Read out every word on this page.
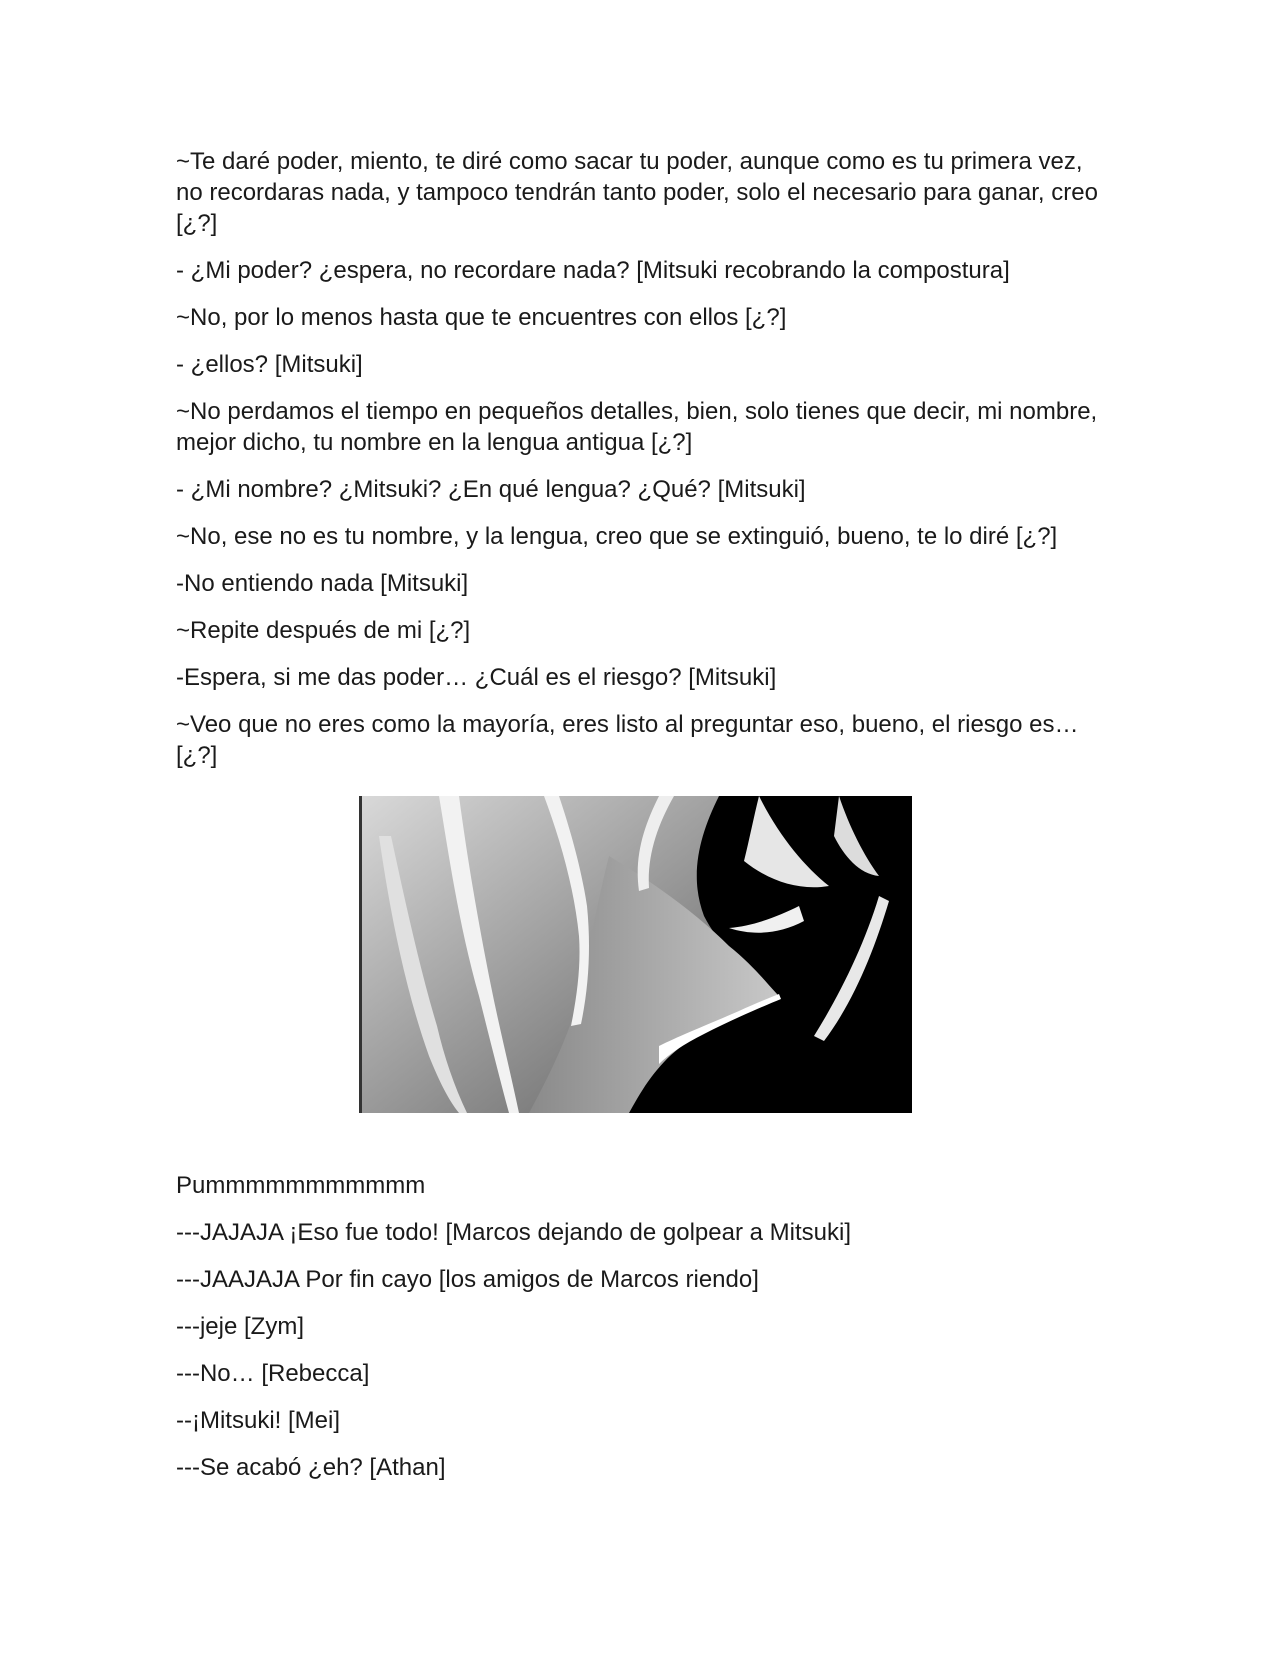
~Te daré poder, miento, te diré como sacar tu poder, aunque como es tu primera vez, no recordaras nada, y tampoco tendrán tanto poder, solo el necesario para ganar, creo [¿?]

- ¿Mi poder? ¿espera, no recordare nada? [Mitsuki recobrando la compostura]

~No, por lo menos hasta que te encuentres con ellos [¿?]

- ¿ellos? [Mitsuki]

~No perdamos el tiempo en pequeños detalles, bien, solo tienes que decir, mi nombre, mejor dicho, tu nombre en la lengua antigua [¿?]

- ¿Mi nombre? ¿Mitsuki? ¿En qué lengua? ¿Qué? [Mitsuki]

~No, ese no es tu nombre, y la lengua, creo que se extinguió, bueno, te lo diré [¿?]

-No entiendo nada [Mitsuki]

~Repite después de mi [¿?]

-Espera, si me das poder… ¿Cuál es el riesgo? [Mitsuki]

~Veo que no eres como la mayoría, eres listo al preguntar eso, bueno, el riesgo es… [¿?]

Pummmmmmmmmmm

---JAJAJA ¡Eso fue todo! [Marcos dejando de golpear a Mitsuki]

---JAAJAJA Por fin cayo [los amigos de Marcos riendo]

---jeje [Zym]

---No… [Rebecca]

--¡Mitsuki! [Mei]

---Se acabó ¿eh? [Athan]
